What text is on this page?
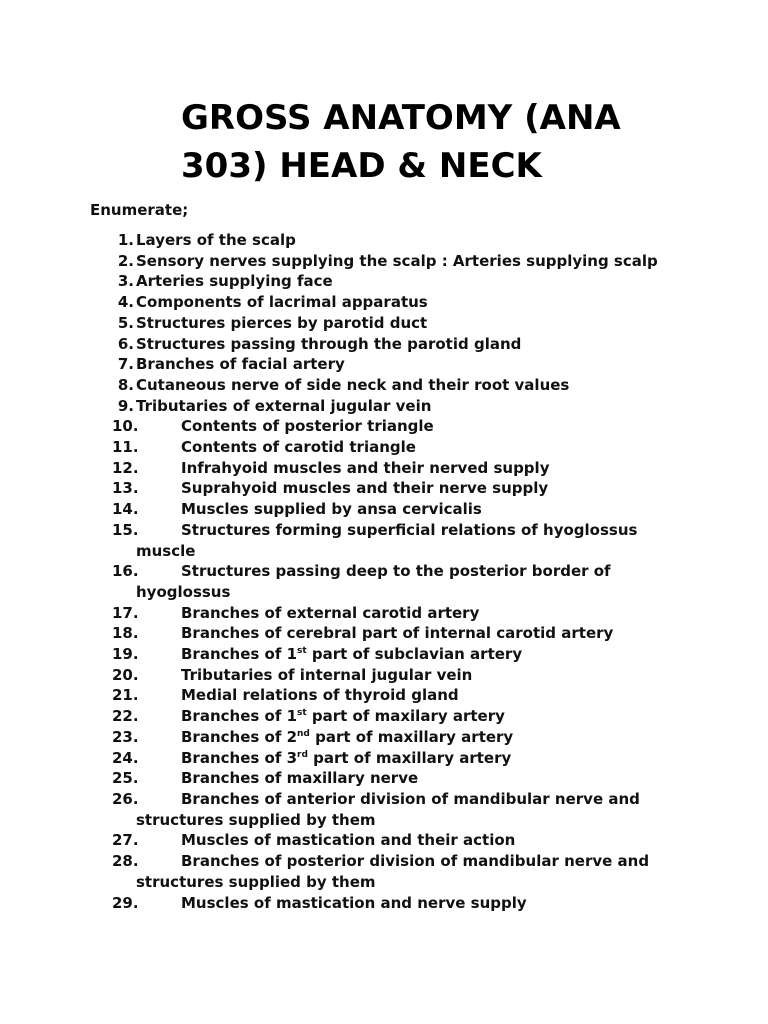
GROSS ANATOMY (ANA 303) HEAD & NECK
Enumerate;
1. Layers of the scalp
2. Sensory nerves supplying the scalp : Arteries supplying scalp
3. Arteries supplying face
4. Components of lacrimal apparatus
5. Structures pierces by parotid duct
6. Structures passing through the parotid gland
7. Branches of facial artery
8. Cutaneous nerve of side neck and their root values
9. Tributaries of external jugular vein
10.	Contents of posterior triangle
11.	Contents of carotid triangle
12.	Infrahyoid muscles and their nerved supply
13.	Suprahyoid muscles and their nerve supply
14.	Muscles supplied by ansa cervicalis
15.	Structures forming superficial relations of hyoglossus
muscle
16.	Structures passing deep to the posterior border of
hyoglossus
17.	Branches of external carotid artery
18.	Branches of cerebral part of internal carotid artery
19.	Branches of 1st part of subclavian artery
20.	Tributaries of internal jugular vein
21.	Medial relations of thyroid gland
22.	Branches of 1st part of maxilary artery
23.	Branches of 2nd part of maxillary artery
24.	Branches of 3rd part of maxillary artery
25.	Branches of maxillary nerve
26.	Branches of anterior division of mandibular nerve and
structures supplied by them
27.	Muscles of mastication and their action
28.	Branches of posterior division of mandibular nerve and
structures supplied by them
29.	Muscles of mastication and nerve supply
